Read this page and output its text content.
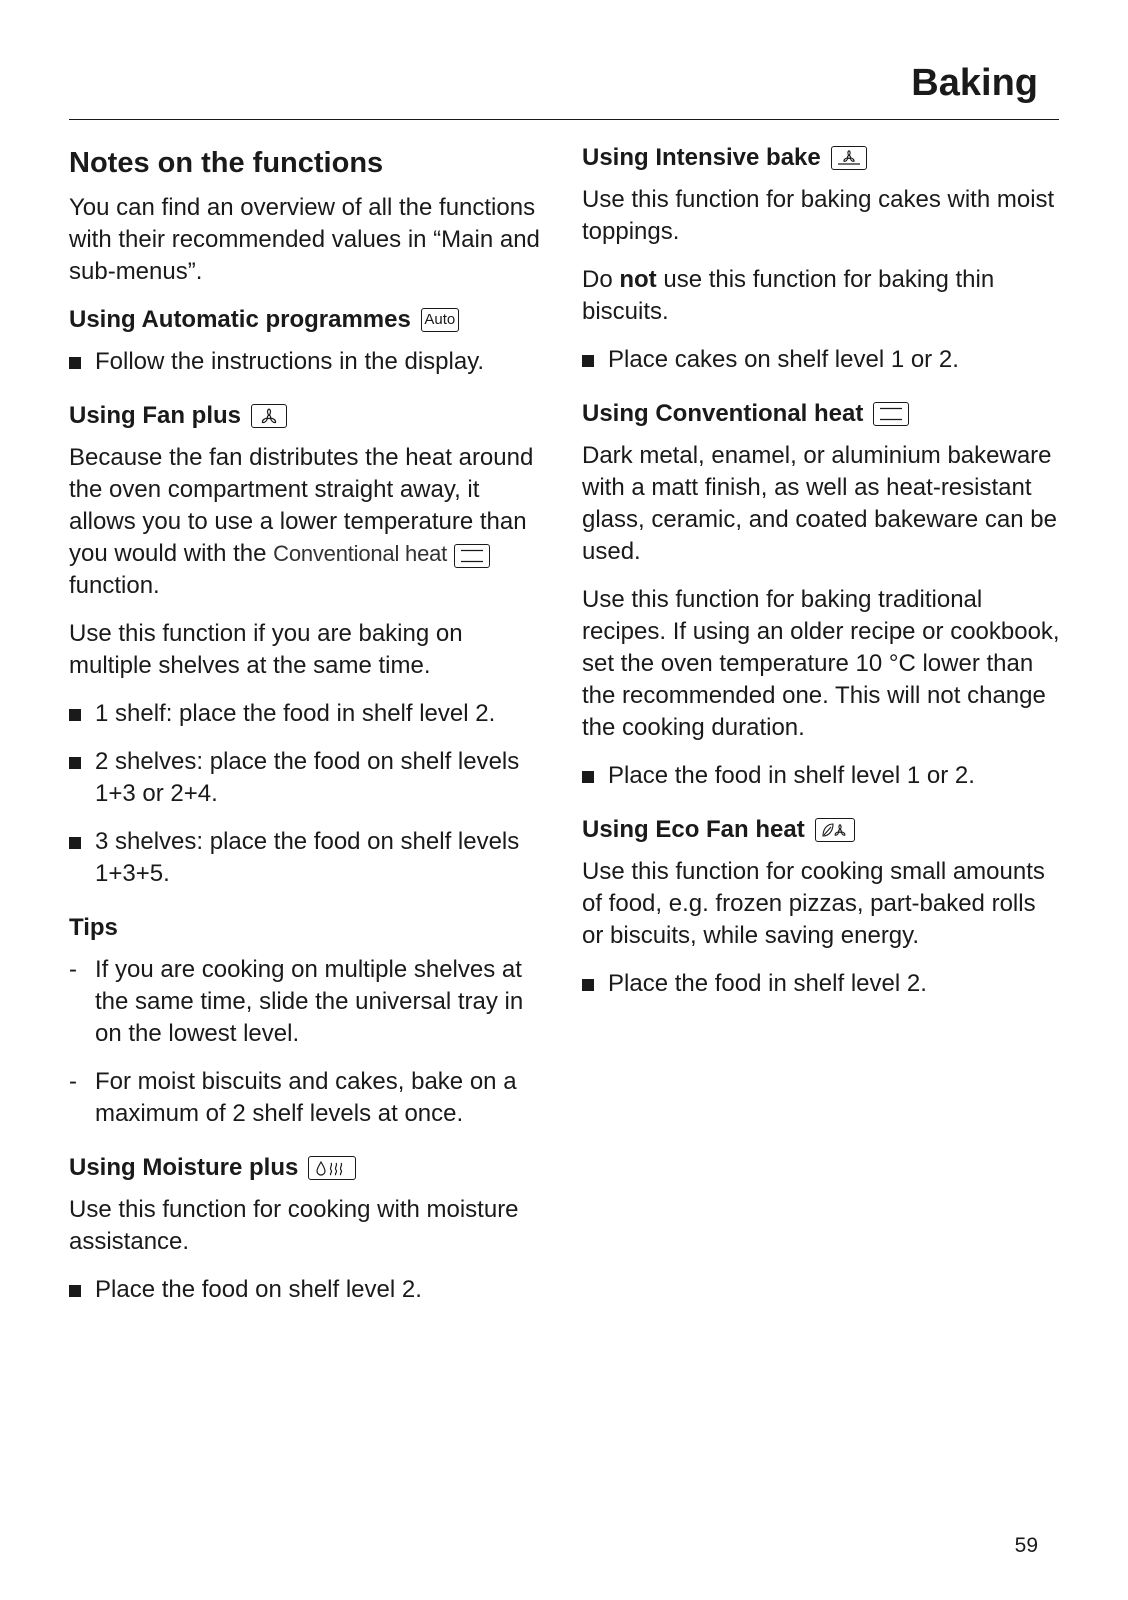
Baking
Notes on the functions

You can find an overview of all the functions with their recommended values in “Main and sub-menus”.

Using Automatic programmes Auto
Follow the instructions in the display.
Using Fan plus

Because the fan distributes the heat around the oven compartment straight away, it allows you to use a lower temperature than you would with the Conventional heat
function.

Use this function if you are baking on multiple shelves at the same time.

1 shelf: place the food in shelf level 2.
2 shelves: place the food on shelf levels 1+3 or 2+4.
3 shelves: place the food on shelf levels 1+3+5.
Tips
- If you are cooking on multiple shelves at the same time, slide the universal tray in on the lowest level.
- For moist biscuits and cakes, bake on a maximum of 2 shelf levels at once.
Using Moisture plus

Use this function for cooking with moisture assistance.

Place the food on shelf level 2.
Using Intensive bake

Use this function for baking cakes with moist toppings.

Do not use this function for baking thin biscuits.

Place cakes on shelf level 1 or 2.
Using Conventional heat

Dark metal, enamel, or aluminium bakeware with a matt finish, as well as heat-resistant glass, ceramic, and coated bakeware can be used.

Use this function for baking traditional recipes. If using an older recipe or cookbook, set the oven temperature 10 °C lower than the recommended one. This will not change the cooking duration.

Place the food in shelf level 1 or 2.
Using Eco Fan heat

Use this function for cooking small amounts of food, e.g. frozen pizzas, part-baked rolls or biscuits, while saving energy.

Place the food in shelf level 2.
59
